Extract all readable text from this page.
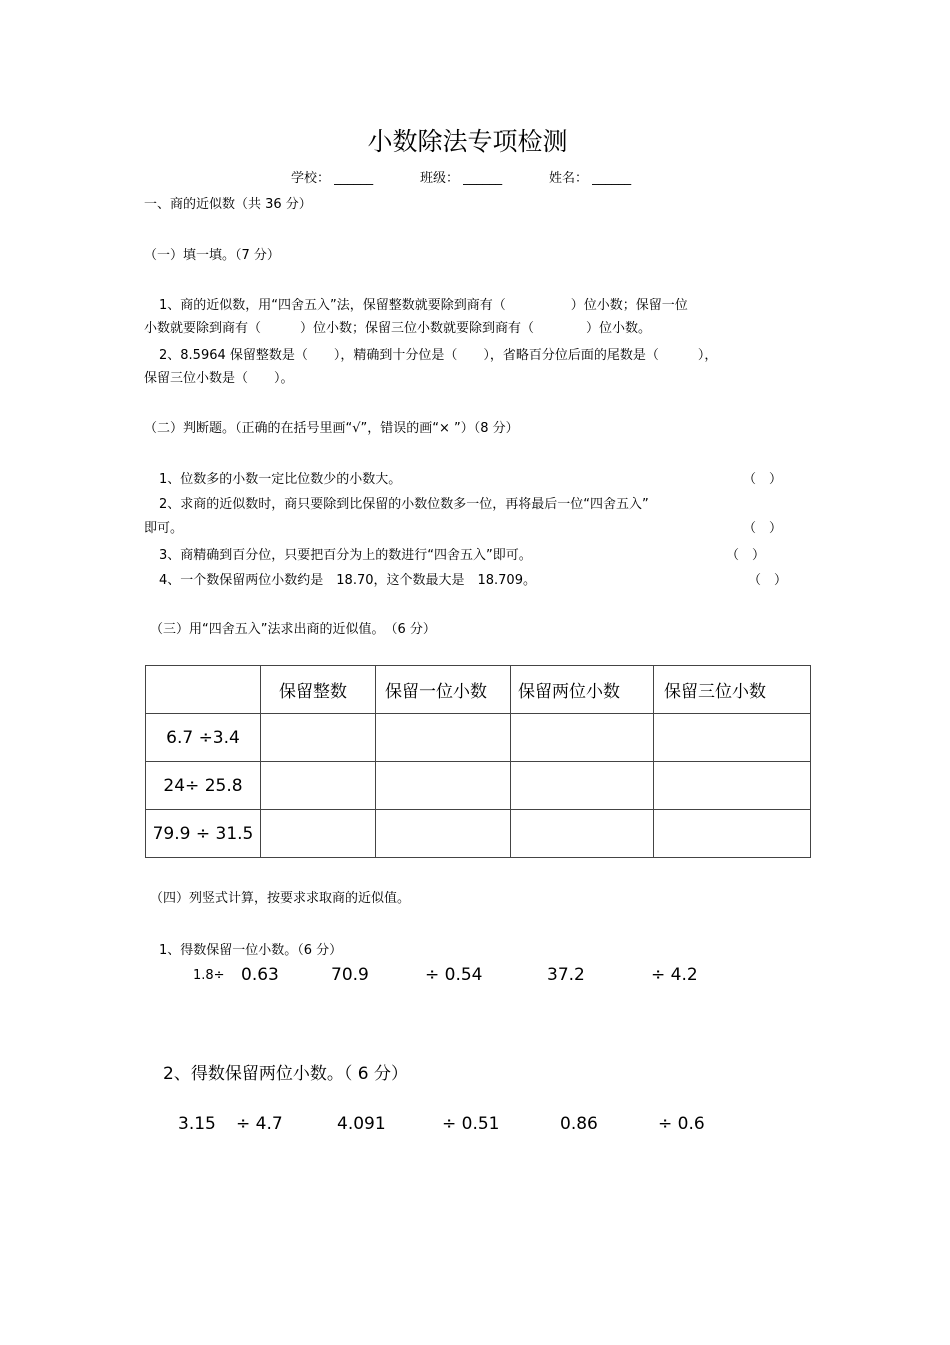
小数除法专项检测
学校： ______	班级： ______	姓名： ______
一、商的近似数（共 36 分）
（一）填一填。（7 分）
1、商的近似数，用“四舍五入”法，保留整数就要除到商有（　　　　　）位小数；保留一位
小数就要除到商有（　　　）位小数；保留三位小数就要除到商有（　　　　）位小数。
2、8.5964 保留整数是（　　），精确到十分位是（　　），省略百分位后面的尾数是（　　　），
保留三位小数是（　　）。
（二）判断题。（正确的在括号里画“√”，错误的画“× ”）（8 分）
1、位数多的小数一定比位数少的小数大。	（　）
2、求商的近似数时，商只要除到比保留的小数位数多一位，再将最后一位“四舍五入”
即可。	（　）
3、商精确到百分位，只要把百分为上的数进行“四舍五入”即可。	（　）
4、一个数保留两位小数约是　18.70，这个数最大是　18.709。	（　）
（三）用“四舍五入”法求出商的近似值。　（6 分）
	保留整数	保留一位小数	保留两位小数	保留三位小数
6.7 ÷3.4				
24÷ 25.8				
79.9 ÷ 31.5				
（四）列竖式计算，按要求求取商的近似值。
1、得数保留一位小数。（6 分）
1.8÷ 0.63	70.9	÷ 0.54	37.2	÷ 4.2
2、得数保留两位小数。（ 6 分）
3.15 ÷ 4.7	4.091	÷ 0.51	0.86	÷ 0.6
